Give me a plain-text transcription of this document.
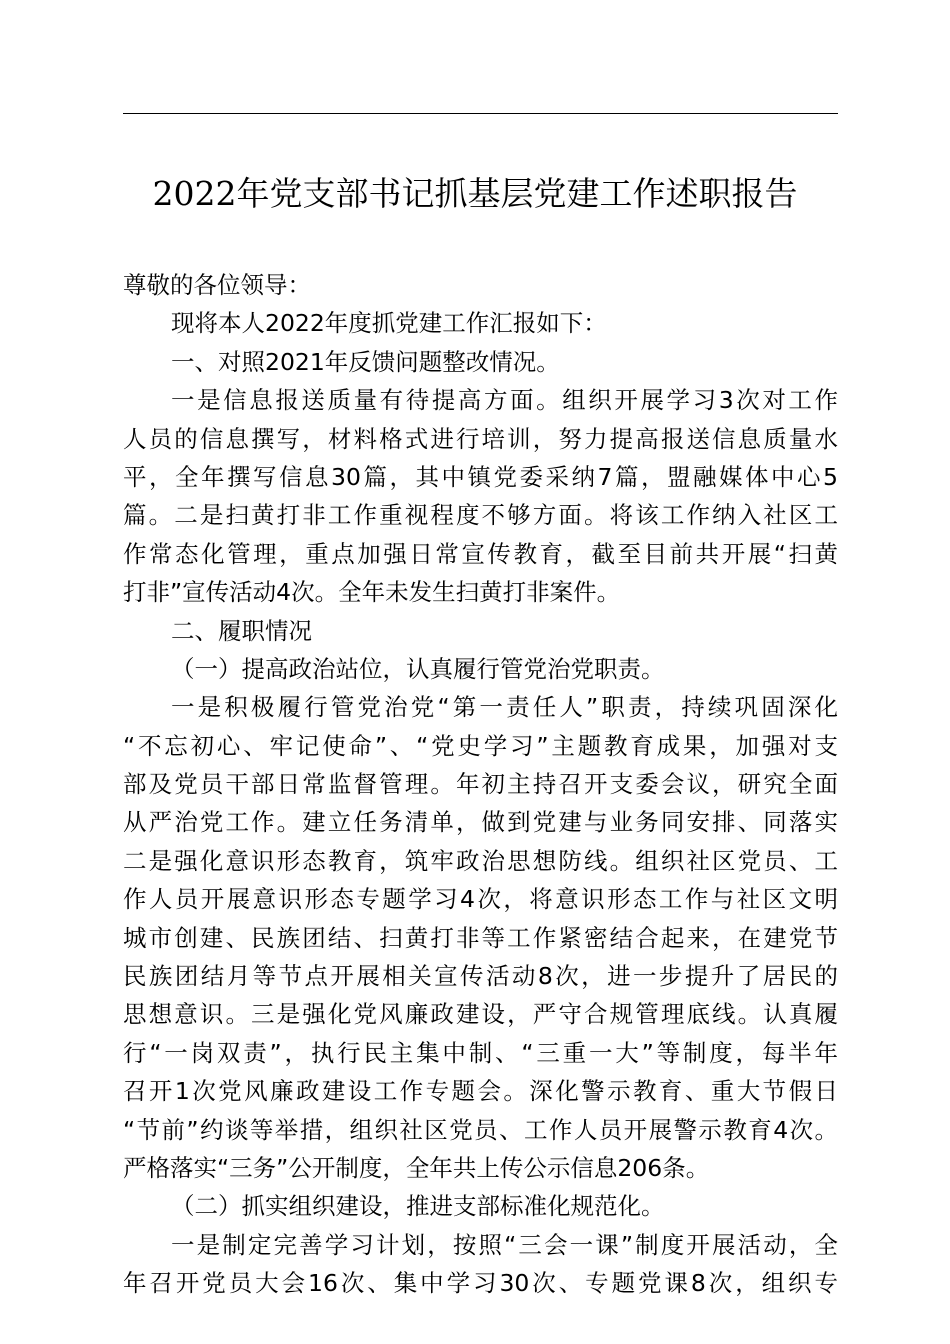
2022年党支部书记抓基层党建工作述职报告
尊敬的各位领导：
现将本人2022年度抓党建工作汇报如下：
一、对照2021年反馈问题整改情况。
一是信息报送质量有待提高方面。组织开展学习3次对工作
人员的信息撰写，材料格式进行培训，努力提高报送信息质量水
平，全年撰写信息30篇，其中镇党委采纳7篇，盟融媒体中心5
篇。二是扫黄打非工作重视程度不够方面。将该工作纳入社区工
作常态化管理，重点加强日常宣传教育，截至目前共开展“扫黄
打非”宣传活动4次。全年未发生扫黄打非案件。
二、履职情况
（一）提高政治站位，认真履行管党治党职责。
一是积极履行管党治党“第一责任人”职责，持续巩固深化
“不忘初心、牢记使命”、“党史学习”主题教育成果，加强对支
部及党员干部日常监督管理。年初主持召开支委会议，研究全面
从严治党工作。建立任务清单，做到党建与业务同安排、同落实
二是强化意识形态教育，筑牢政治思想防线。组织社区党员、工
作人员开展意识形态专题学习4次，将意识形态工作与社区文明
城市创建、民族团结、扫黄打非等工作紧密结合起来，在建党节
民族团结月等节点开展相关宣传活动8次，进一步提升了居民的
思想意识。三是强化党风廉政建设，严守合规管理底线。认真履
行“一岗双责”，执行民主集中制、“三重一大”等制度，每半年
召开1次党风廉政建设工作专题会。深化警示教育、重大节假日
“节前”约谈等举措，组织社区党员、工作人员开展警示教育4次。
严格落实“三务”公开制度，全年共上传公示信息206条。
（二）抓实组织建设，推进支部标准化规范化。
一是制定完善学习计划，按照“三会一课”制度开展活动，全
年召开党员大会16次、集中学习30次、专题党课8次，组织专
